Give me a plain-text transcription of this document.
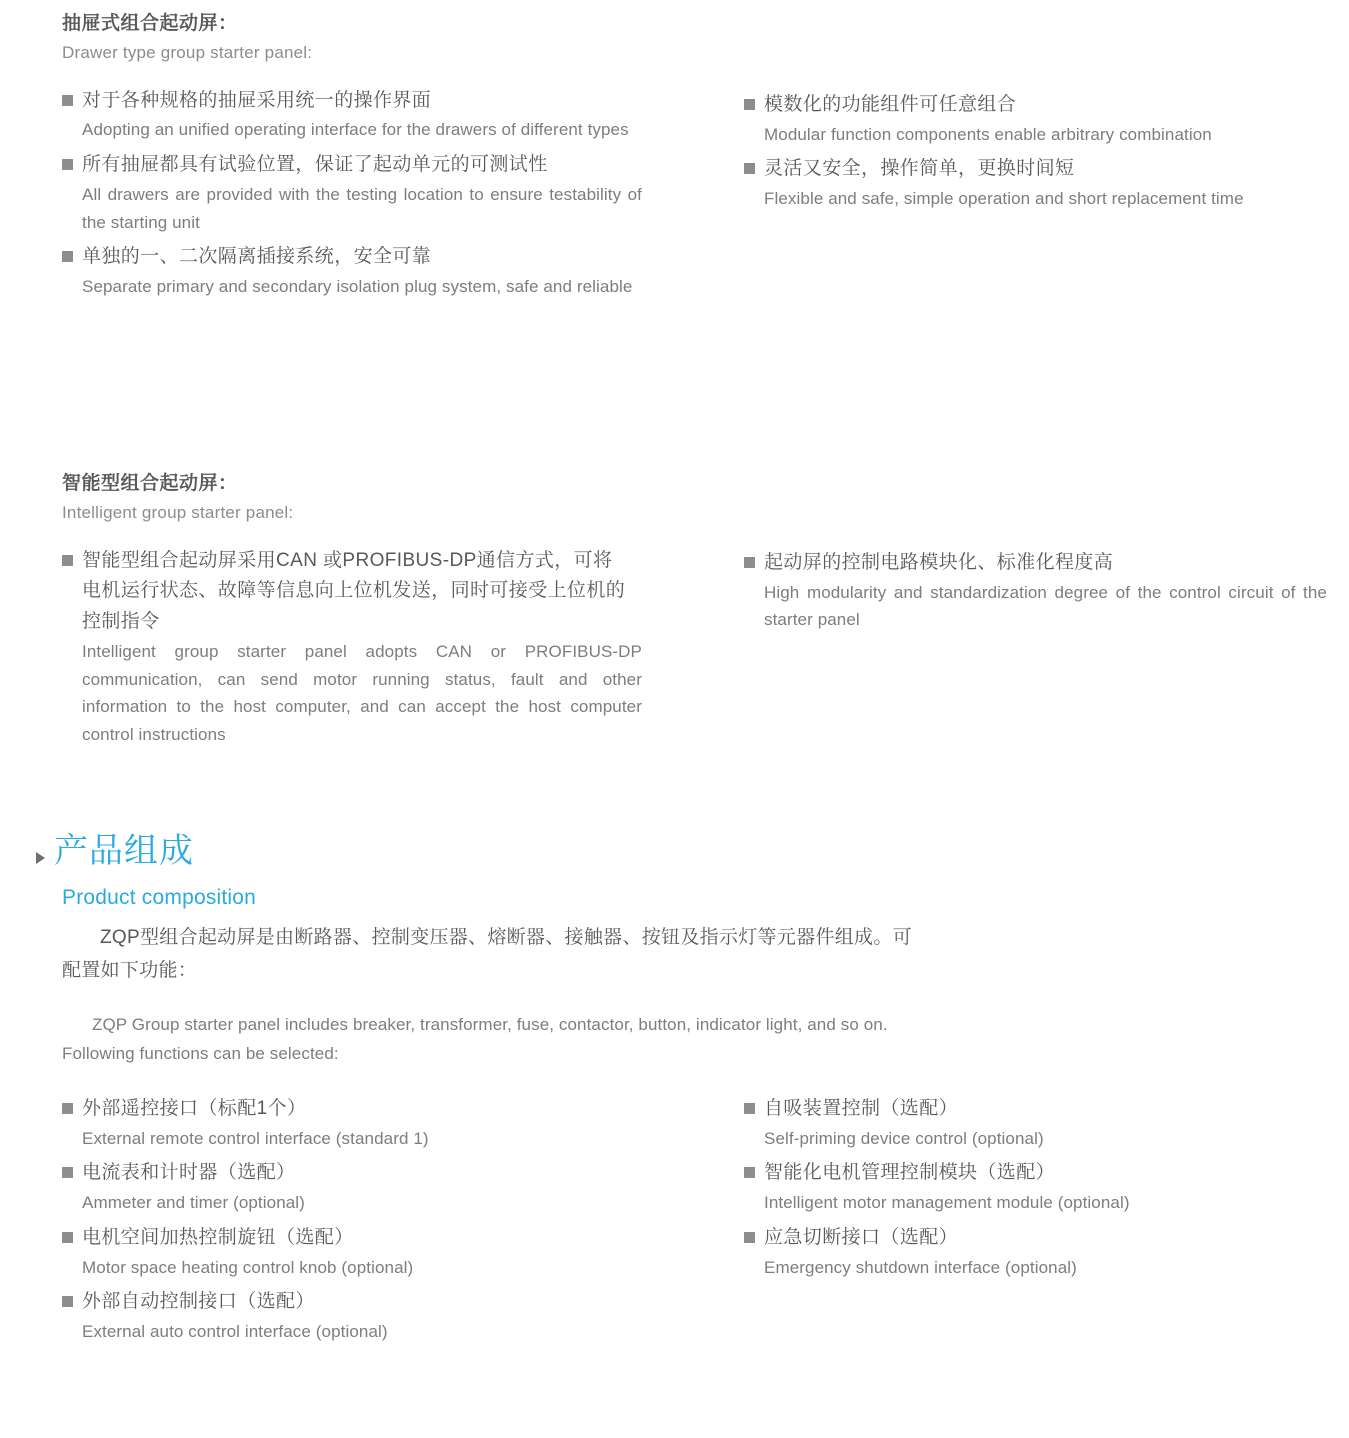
抽屉式组合起动屏：
Drawer type group starter panel:
对于各种规格的抽屉采用统一的操作界面
Adopting an unified operating interface for the drawers of different types
所有抽屉都具有试验位置，保证了起动单元的可测试性
All drawers are provided with the testing location to ensure testability of the starting unit
单独的一、二次隔离插接系统，安全可靠
Separate primary and secondary isolation plug system, safe and reliable
模数化的功能组件可任意组合
Modular function components enable arbitrary combination
灵活又安全，操作简单，更换时间短
Flexible and safe, simple operation and short replacement time
智能型组合起动屏：
Intelligent group starter panel:
智能型组合起动屏采用CAN 或PROFIBUS-DP通信方式，可将电机运行状态、故障等信息向上位机发送，同时可接受上位机的控制指令
Intelligent group starter panel adopts CAN or PROFIBUS-DP communication, can send motor running status, fault and other information to the host computer, and can accept the host computer control instructions
起动屏的控制电路模块化、标准化程度高
High modularity and standardization degree of the control circuit of the starter panel
产品组成
Product composition
ZQP型组合起动屏是由断路器、控制变压器、熔断器、接触器、按钮及指示灯等元器件组成。可配置如下功能：
ZQP Group starter panel includes breaker, transformer, fuse, contactor, button, indicator light, and so on. Following functions can be selected:
外部遥控接口（标配1个）
External remote control interface (standard 1)
电流表和计时器（选配）
Ammeter and timer (optional)
电机空间加热控制旋钮（选配）
Motor space heating control knob (optional)
外部自动控制接口（选配）
External auto control interface (optional)
自吸装置控制（选配）
Self-priming device control (optional)
智能化电机管理控制模块（选配）
Intelligent motor management module (optional)
应急切断接口（选配）
Emergency shutdown interface (optional)
